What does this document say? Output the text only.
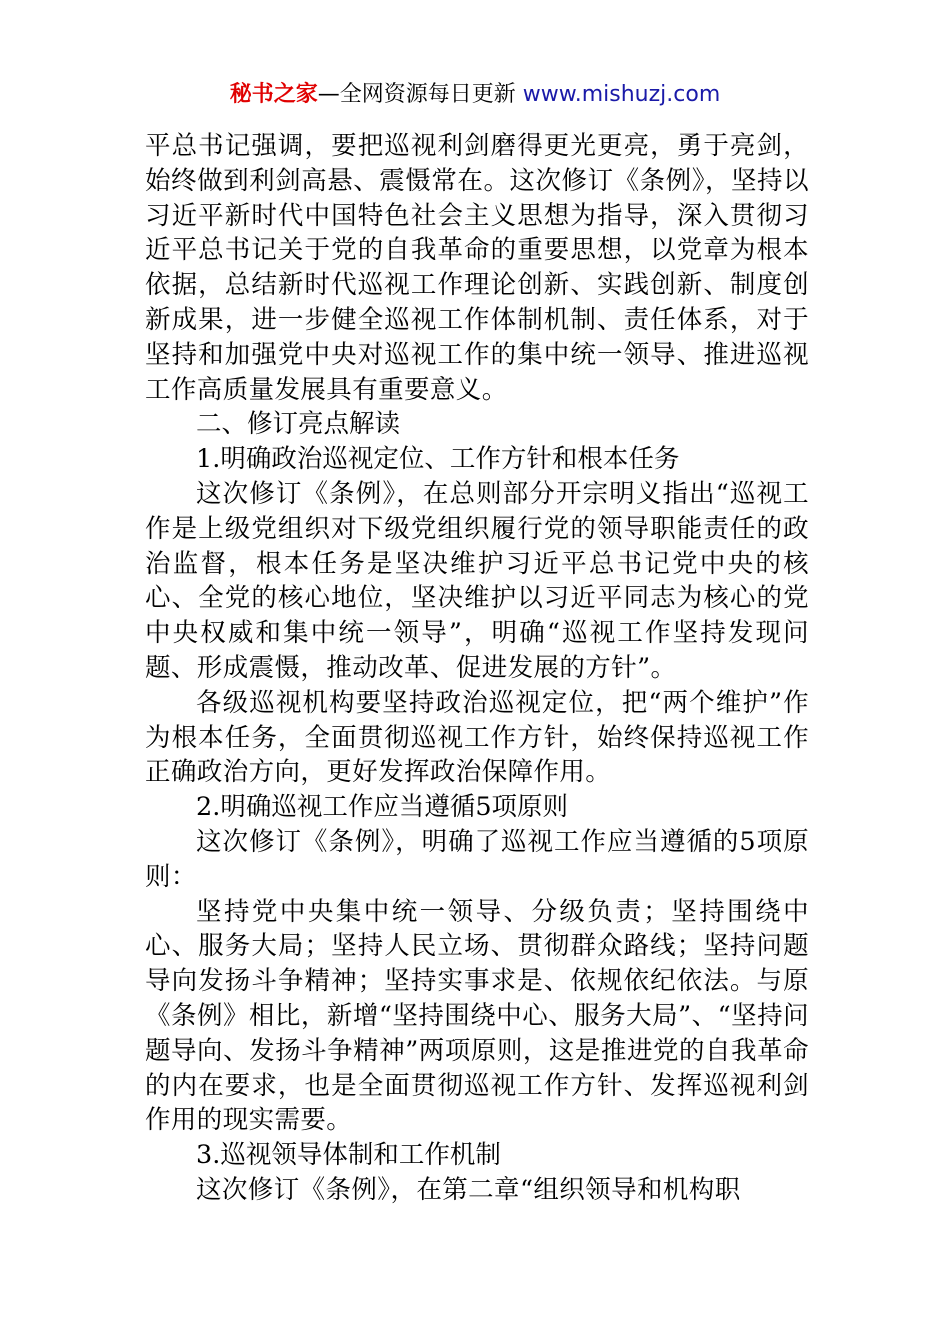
秘书之家—全网资源每日更新 www.mishuzj.com

平总书记强调，要把巡视利剑磨得更光更亮，勇于亮剑，始终做到利剑高悬、震慑常在。这次修订《条例》，坚持以习近平新时代中国特色社会主义思想为指导，深入贯彻习近平总书记关于党的自我革命的重要思想，以党章为根本依据，总结新时代巡视工作理论创新、实践创新、制度创新成果，进一步健全巡视工作体制机制、责任体系，对于坚持和加强党中央对巡视工作的集中统一领导、推进巡视工作高质量发展具有重要意义。

二、修订亮点解读

1.明确政治巡视定位、工作方针和根本任务

这次修订《条例》，在总则部分开宗明义指出“巡视工作是上级党组织对下级党组织履行党的领导职能责任的政治监督，根本任务是坚决维护习近平总书记党中央的核心、全党的核心地位，坚决维护以习近平同志为核心的党中央权威和集中统一领导”，明确“巡视工作坚持发现问题、形成震慑，推动改革、促进发展的方针”。

各级巡视机构要坚持政治巡视定位，把“两个维护”作为根本任务，全面贯彻巡视工作方针，始终保持巡视工作正确政治方向，更好发挥政治保障作用。

2.明确巡视工作应当遵循5项原则

这次修订《条例》，明确了巡视工作应当遵循的5项原则：

坚持党中央集中统一领导、分级负责；坚持围绕中心、服务大局；坚持人民立场、贯彻群众路线；坚持问题导向发扬斗争精神；坚持实事求是、依规依纪依法。与原《条例》相比，新增“坚持围绕中心、服务大局”、“坚持问题导向、发扬斗争精神”两项原则，这是推进党的自我革命的内在要求，也是全面贯彻巡视工作方针、发挥巡视利剑作用的现实需要。

3.巡视领导体制和工作机制

这次修订《条例》，在第二章“组织领导和机构职
